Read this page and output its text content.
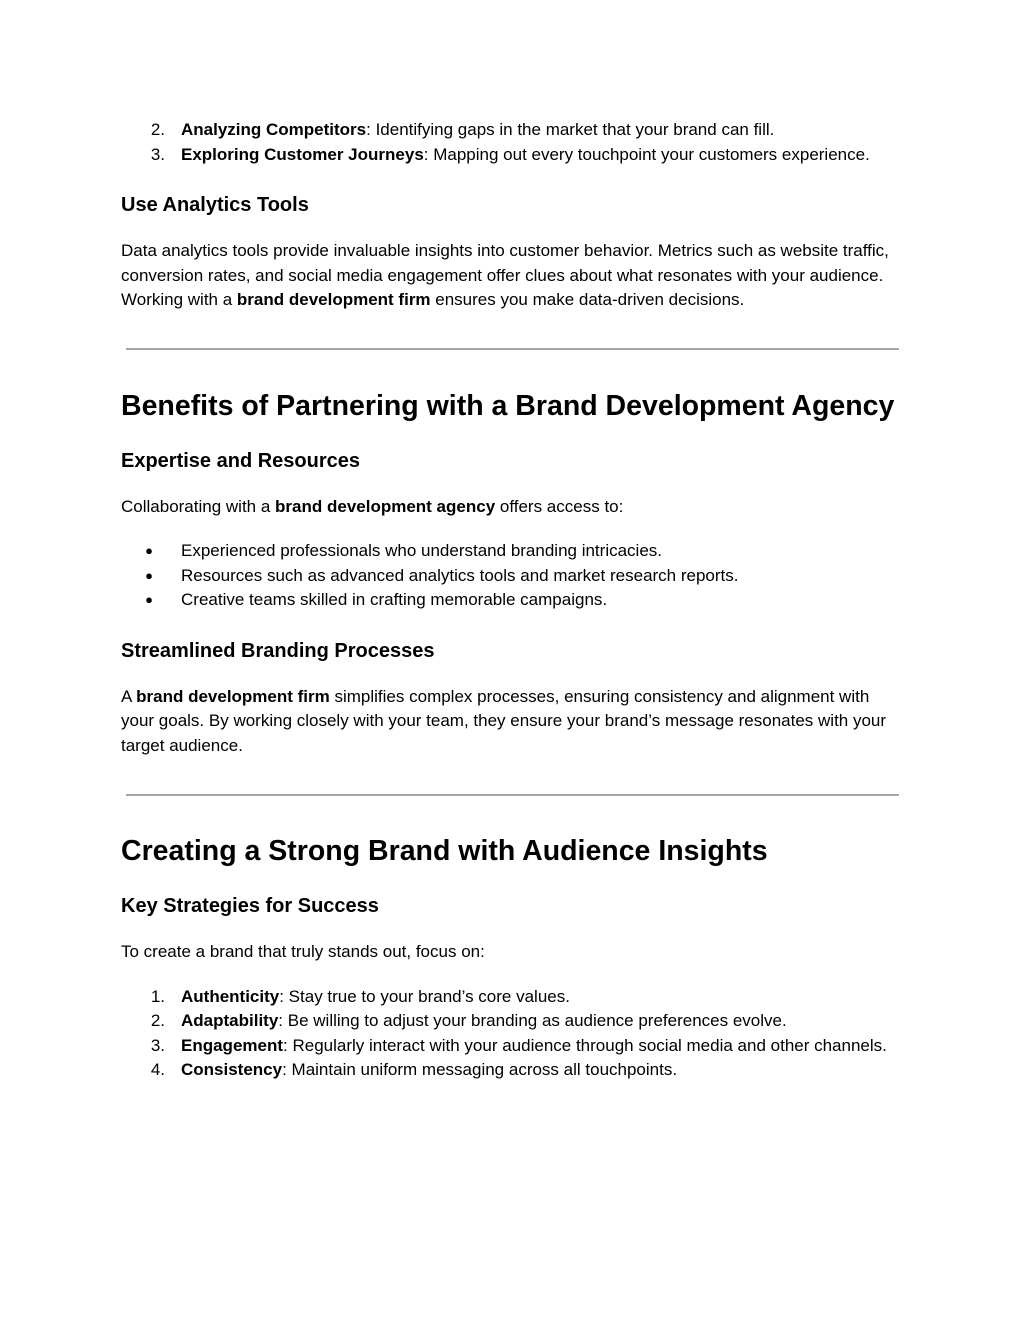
2. Analyzing Competitors: Identifying gaps in the market that your brand can fill.
3. Exploring Customer Journeys: Mapping out every touchpoint your customers experience.
Use Analytics Tools

Data analytics tools provide invaluable insights into customer behavior. Metrics such as website traffic, conversion rates, and social media engagement offer clues about what resonates with your audience. Working with a brand development firm ensures you make data-driven decisions.

Benefits of Partnering with a Brand Development Agency
Expertise and Resources

Collaborating with a brand development agency offers access to:

● Experienced professionals who understand branding intricacies.
● Resources such as advanced analytics tools and market research reports.
● Creative teams skilled in crafting memorable campaigns.
Streamlined Branding Processes

A brand development firm simplifies complex processes, ensuring consistency and alignment with your goals. By working closely with your team, they ensure your brand’s message resonates with your target audience.

Creating a Strong Brand with Audience Insights
Key Strategies for Success

To create a brand that truly stands out, focus on:

1. Authenticity: Stay true to your brand’s core values.
2. Adaptability: Be willing to adjust your branding as audience preferences evolve.
3. Engagement: Regularly interact with your audience through social media and other channels.
4. Consistency: Maintain uniform messaging across all touchpoints.
